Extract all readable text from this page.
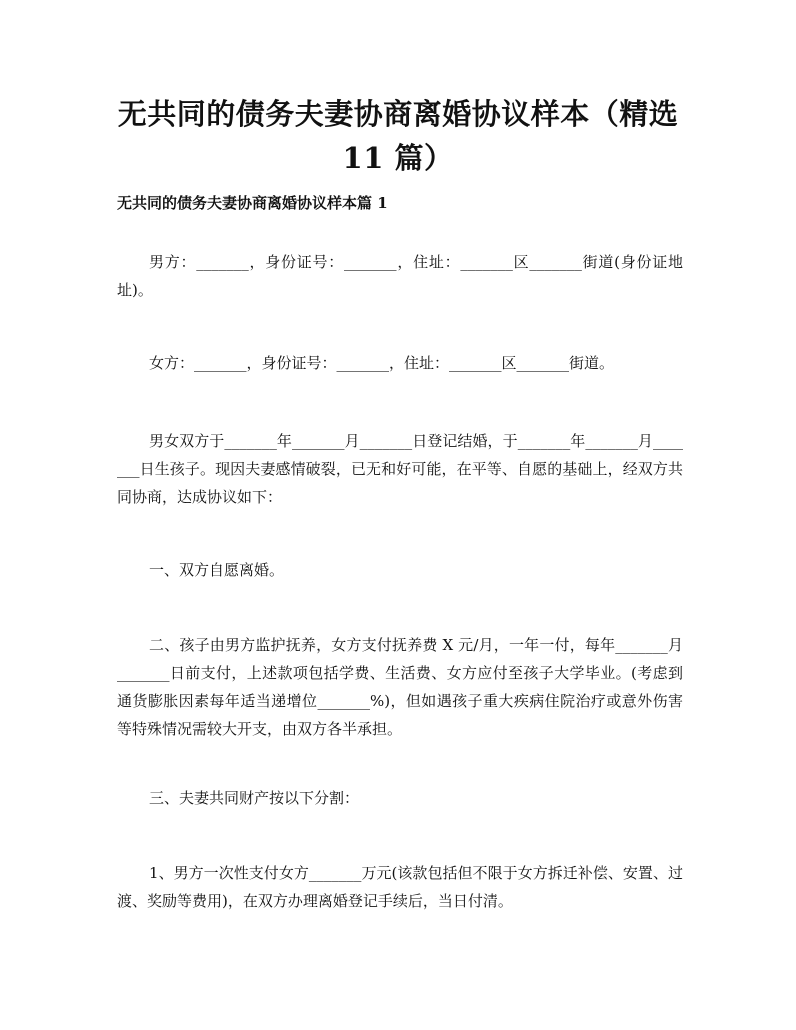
无共同的债务夫妻协商离婚协议样本（精选
11 篇）
无共同的债务夫妻协商离婚协议样本篇 1

男方：_______，身份证号：_______，住址：_______区_______街道(身份证地址)。

女方：_______，身份证号：_______，住址：_______区_______街道。

男女双方于_______年_______月_______日登记结婚，于_______年_______月_______日生孩子。现因夫妻感情破裂，已无和好可能，在平等、自愿的基础上，经双方共同协商，达成协议如下：

一、双方自愿离婚。

二、孩子由男方监护抚养，女方支付抚养费 X 元/月，一年一付，每年_______月_______日前支付，上述款项包括学费、生活费、女方应付至孩子大学毕业。(考虑到通货膨胀因素每年适当递增位_______%)，但如遇孩子重大疾病住院治疗或意外伤害等特殊情况需较大开支，由双方各半承担。

三、夫妻共同财产按以下分割：

1、男方一次性支付女方_______万元(该款包括但不限于女方拆迁补偿、安置、过渡、奖励等费用)，在双方办理离婚登记手续后，当日付清。
